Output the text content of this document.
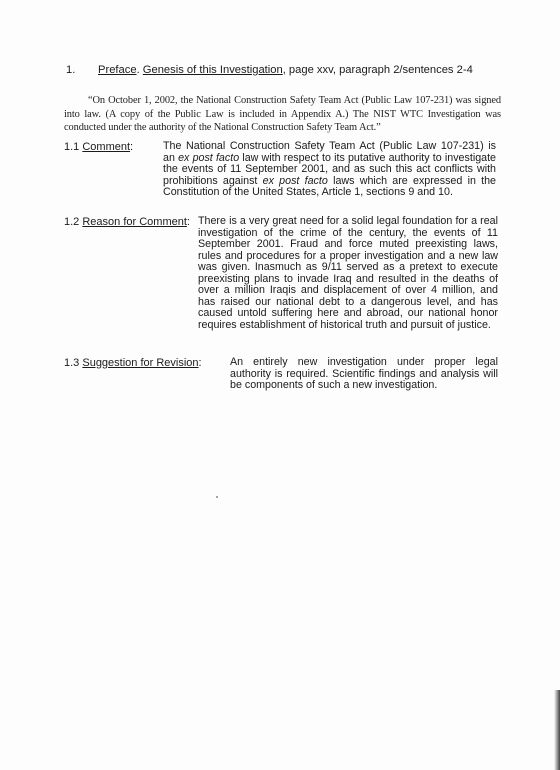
1. Preface. Genesis of this Investigation, page xxv, paragraph 2/sentences 2-4
“On October 1, 2002, the National Construction Safety Team Act (Public Law 107-231) was signed into law. (A copy of the Public Law is included in Appendix A.) The NIST WTC Investigation was conducted under the authority of the National Construction Safety Team Act.”
1.1 Comment:	The National Construction Safety Team Act (Public Law 107-231) is
an ex post facto law with respect to its putative authority to investigate
the events of 11 September 2001, and as such this act conflicts with
prohibitions against ex post facto laws which are expressed in the
Constitution of the United States, Article 1, sections 9 and 10.
1.2 Reason for Comment: There is a very great need for a solid legal foundation for a real
investigation of the crime of the century, the events of 11
September 2001. Fraud and force muted preexisting laws,
rules and procedures for a proper investigation and a new law
was given. Inasmuch as 9/11 served as a pretext to execute
preexisting plans to invade Iraq and resulted in the deaths of
over a million Iraqis and displacement of over 4 million, and
has raised our national debt to a dangerous level, and has
caused untold suffering here and abroad, our national honor
requires establishment of historical truth and pursuit of justice.
1.3 Suggestion for Revision:	An entirely new investigation under proper legal
authority is required. Scientific findings and analysis will
be components of such a new investigation.
